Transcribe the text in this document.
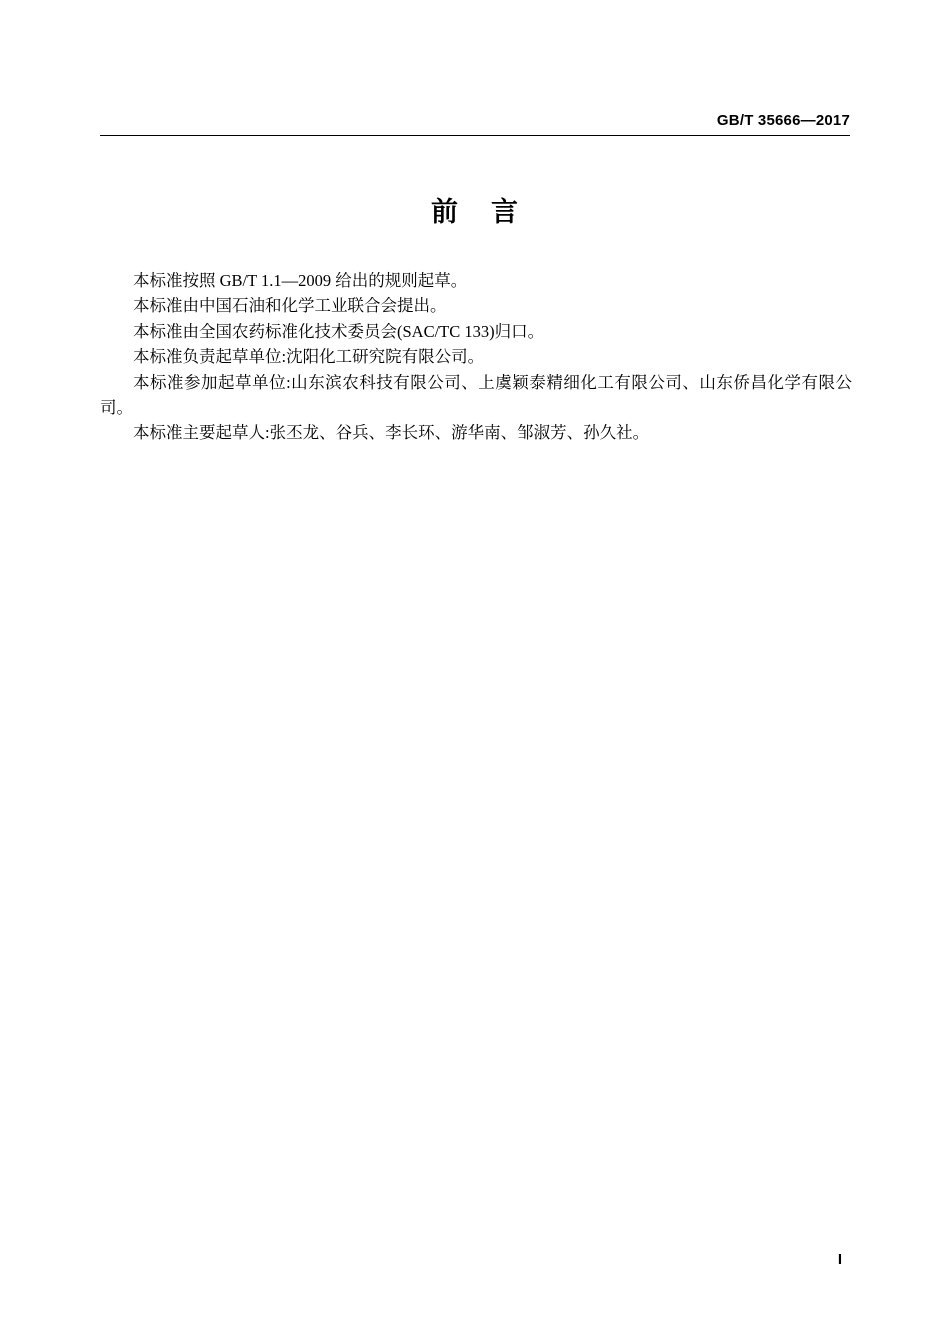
GB/T 35666—2017
前 言

本标准按照 GB/T 1.1—2009 给出的规则起草。

本标准由中国石油和化学工业联合会提出。

本标准由全国农药标准化技术委员会(SAC/TC 133)归口。

本标准负责起草单位:沈阳化工研究院有限公司。

本标准参加起草单位:山东滨农科技有限公司、上虞颖泰精细化工有限公司、山东侨昌化学有限公司。

本标准主要起草人:张丕龙、谷兵、李长环、游华南、邹淑芳、孙久社。

I
